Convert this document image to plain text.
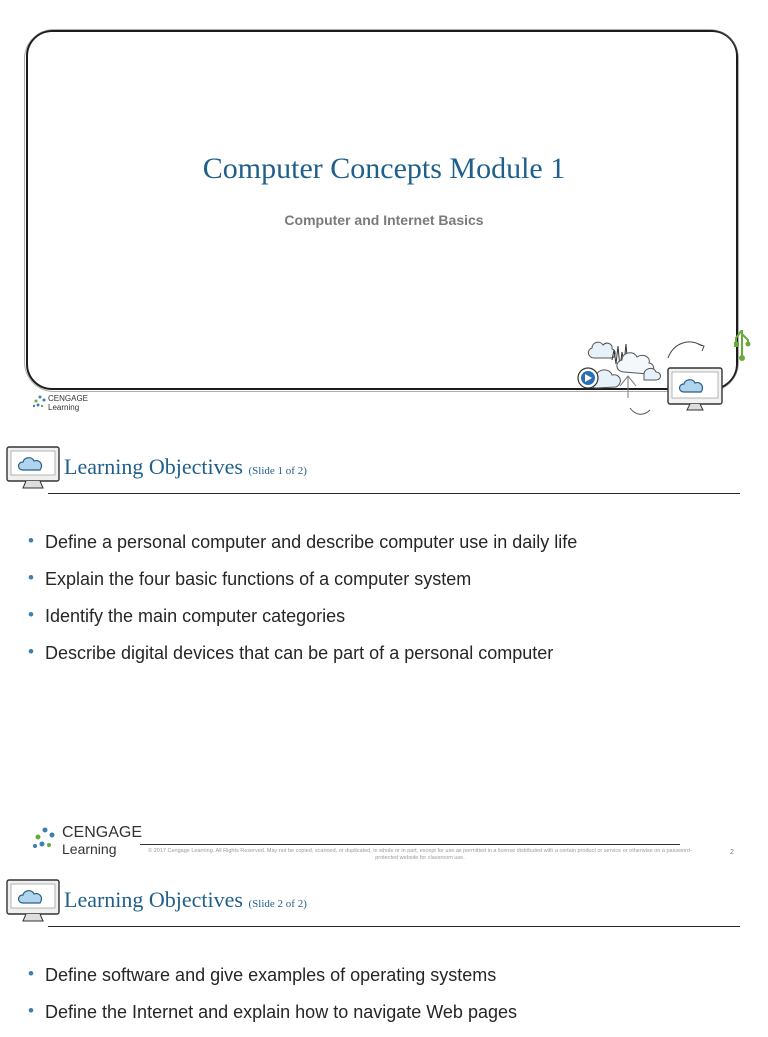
Computer Concepts Module 1
Computer and Internet Basics
CENGAGE
Learning
Learning Objectives (Slide 1 of 2)
• Define a personal computer and describe computer use in daily life
• Explain the four basic functions of a computer system
• Identify the main computer categories
• Describe digital devices that can be part of a personal computer
CENGAGE
Learning	© 2017 Cengage Learning. All Rights Reserved. May not be copied, scanned, or duplicated, in whole or in part, except for use as permitted in a license distributed with a certain product or service or otherwise on a password-protected website for classroom use.
2
Learning Objectives (Slide 2 of 2)
• Define software and give examples of operating systems
• Define the Internet and explain how to navigate Web pages
